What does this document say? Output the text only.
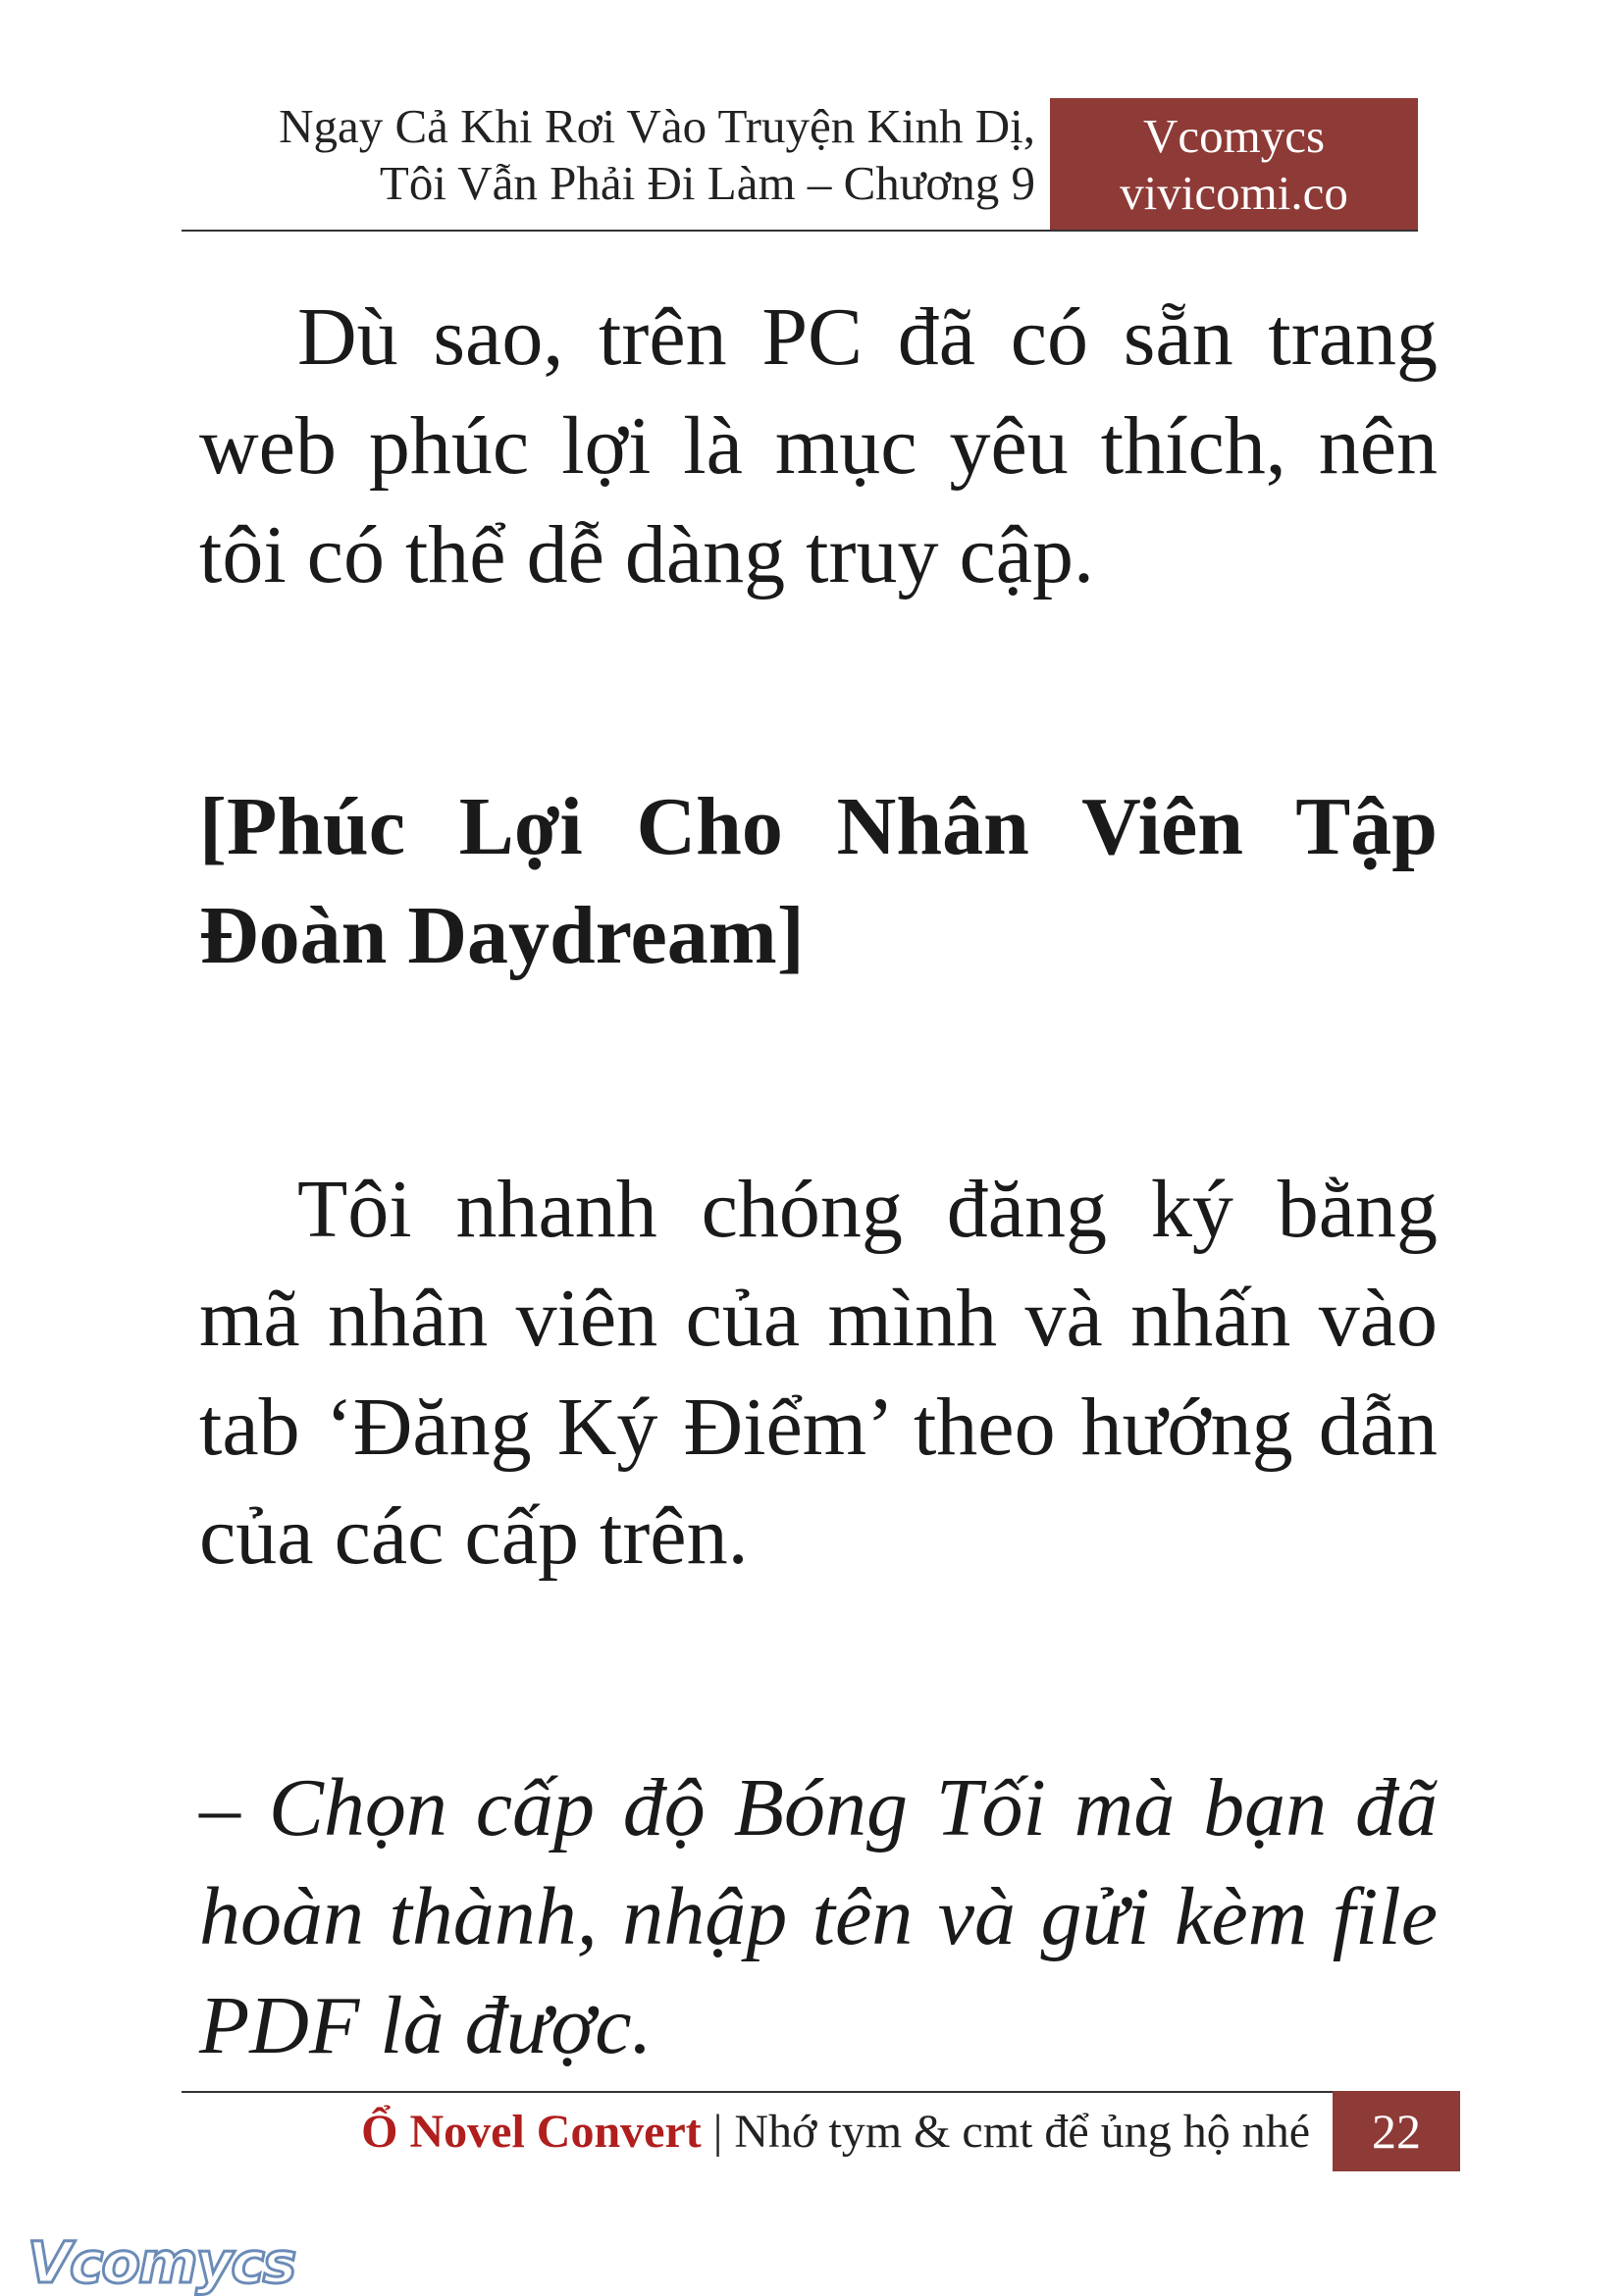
Ngay Cả Khi Rơi Vào Truyện Kinh Dị,
Tôi Vẫn Phải Đi Làm – Chương 9
Vcomycs
vivicomi.co
Dù sao, trên PC đã có sẵn trang
web phúc lợi là mục yêu thích, nên
tôi có thể dễ dàng truy cập.
[Phúc Lợi Cho Nhân Viên Tập
Đoàn Daydream]
Tôi nhanh chóng đăng ký bằng
mã nhân viên của mình và nhấn vào
tab ‘Đăng Ký Điểm’ theo hướng dẫn
của các cấp trên.
– Chọn cấp độ Bóng Tối mà bạn đã
hoàn thành, nhập tên và gửi kèm file
PDF là được.
Ổ Novel Convert | Nhớ tym & cmt để ủng hộ nhé	22
Vcomycs
